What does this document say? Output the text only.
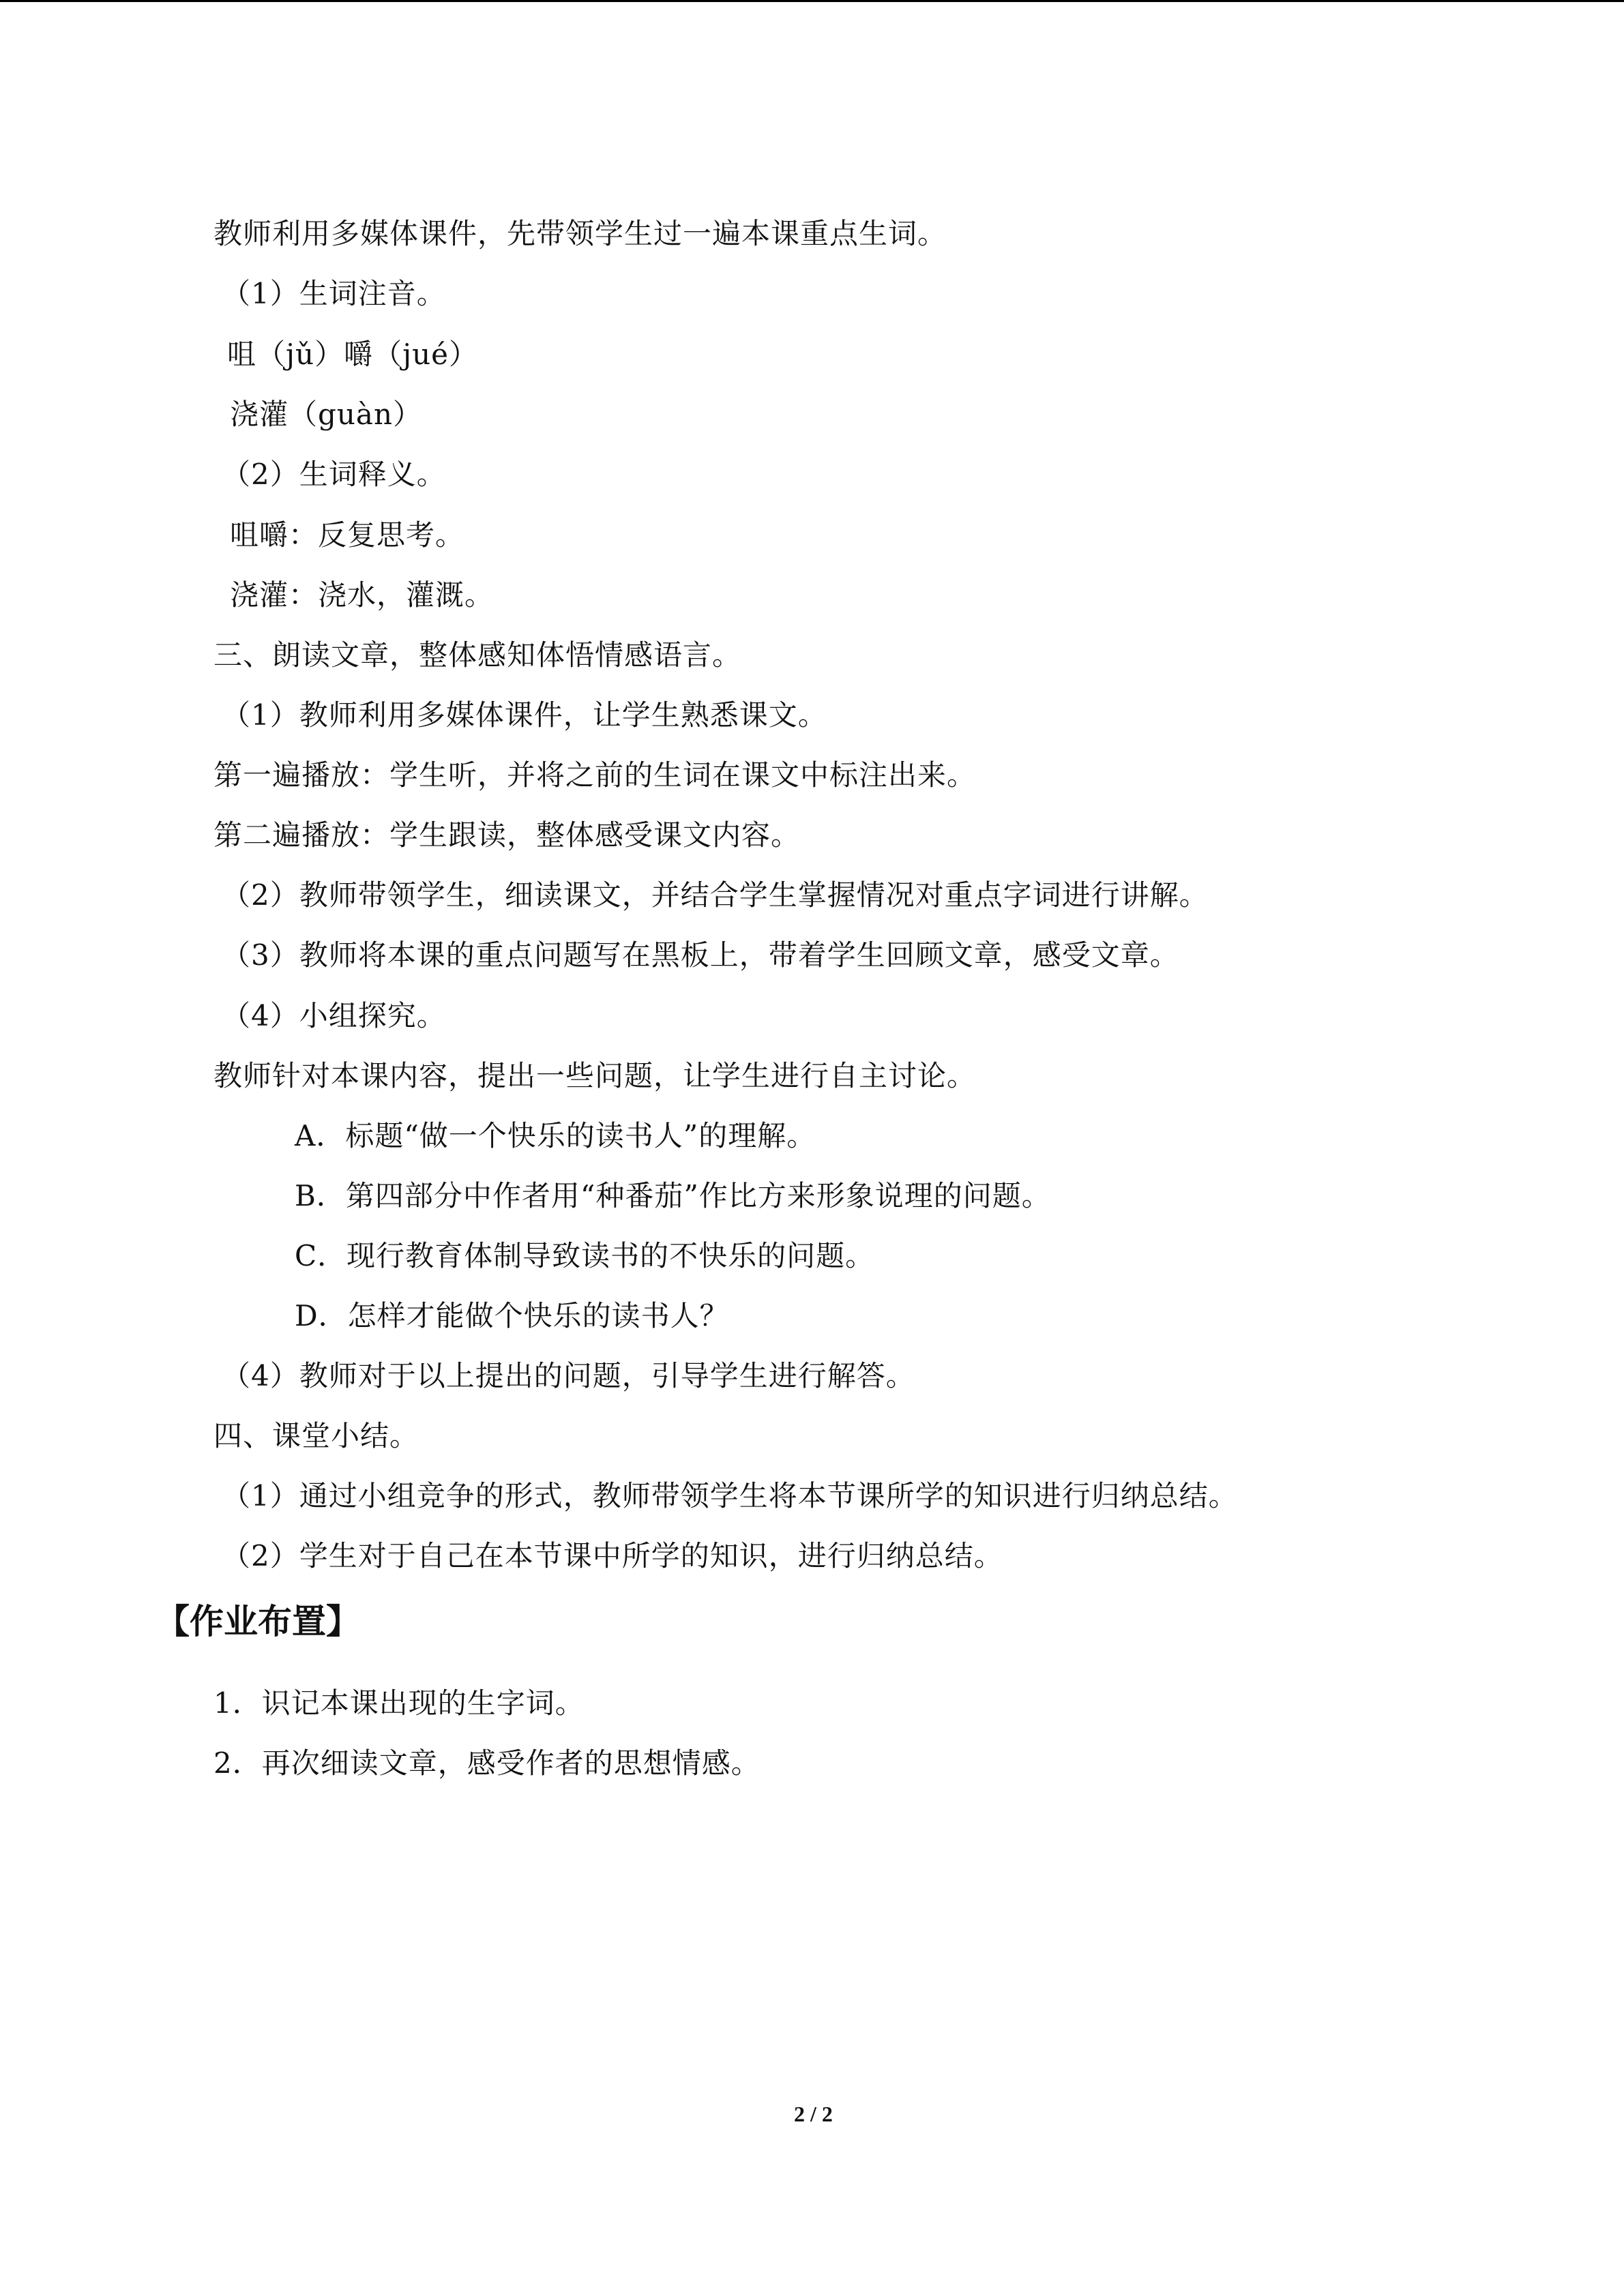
教师利用多媒体课件，先带领学生过一遍本课重点生词。
（1）生词注音。
咀（jǔ）嚼（jué）
浇灌（guàn）
（2）生词释义。
咀嚼：反复思考。
浇灌：浇水，灌溉。
三、朗读文章，整体感知体悟情感语言。
（1）教师利用多媒体课件，让学生熟悉课文。
第一遍播放：学生听，并将之前的生词在课文中标注出来。
第二遍播放：学生跟读，整体感受课文内容。
（2）教师带领学生，细读课文，并结合学生掌握情况对重点字词进行讲解。
（3）教师将本课的重点问题写在黑板上，带着学生回顾文章，感受文章。
（4）小组探究。
教师针对本课内容，提出一些问题，让学生进行自主讨论。
A．标题“做一个快乐的读书人”的理解。
B．第四部分中作者用“种番茄”作比方来形象说理的问题。
C．现行教育体制导致读书的不快乐的问题。
D．怎样才能做个快乐的读书人？
（4）教师对于以上提出的问题，引导学生进行解答。
四、课堂小结。
（1）通过小组竞争的形式，教师带领学生将本节课所学的知识进行归纳总结。
（2）学生对于自己在本节课中所学的知识，进行归纳总结。
【作业布置】
1．识记本课出现的生字词。
2．再次细读文章，感受作者的思想情感。
2 / 2
